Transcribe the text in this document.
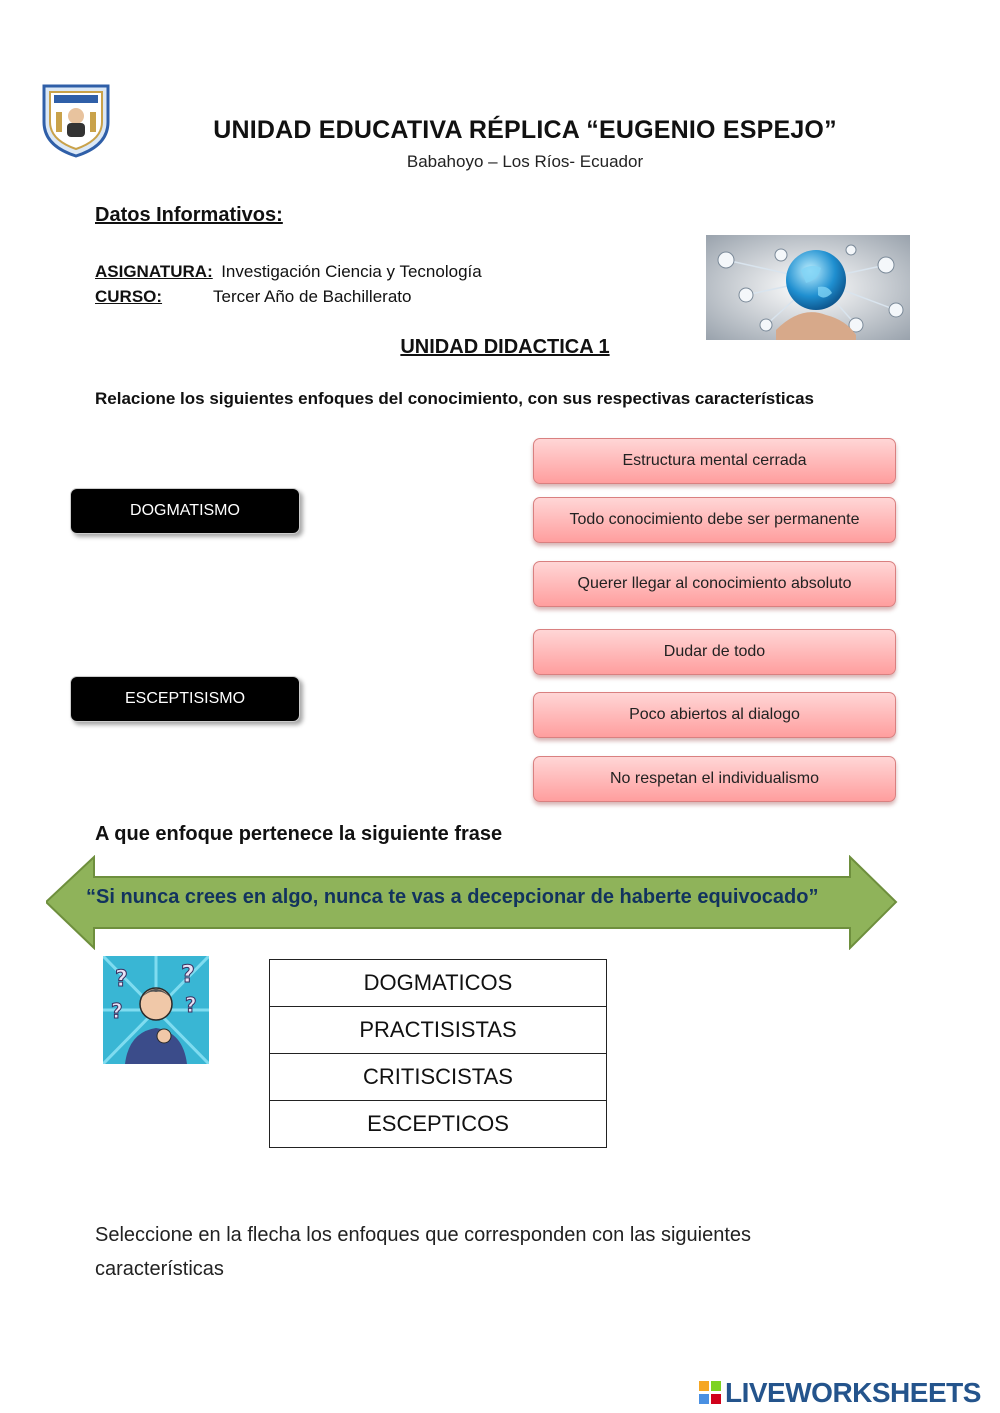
UNIDAD EDUCATIVA RÉPLICA “EUGENIO ESPEJO”
Babahoyo – Los Ríos- Ecuador
Datos Informativos:
ASIGNATURA: Investigación Ciencia y Tecnología
CURSO:	Tercer Año de Bachillerato
UNIDAD DIDACTICA 1
Relacione los siguientes enfoques del conocimiento, con sus respectivas características
DOGMATISMO
ESCEPTISISMO
Estructura mental cerrada
Todo conocimiento debe ser permanente
Querer llegar al conocimiento absoluto
Dudar de todo
Poco abiertos al dialogo
No respetan el individualismo
A que enfoque pertenece la siguiente frase
“Si nunca crees en algo, nunca te vas a decepcionar de haberte equivocado”
? ?
?	?
DOGMATICOS
PRACTISISTAS
CRITISCISTAS
ESCEPTICOS
Seleccione en la flecha los enfoques que corresponden con las siguientes características
LIVEWORKSHEETS
